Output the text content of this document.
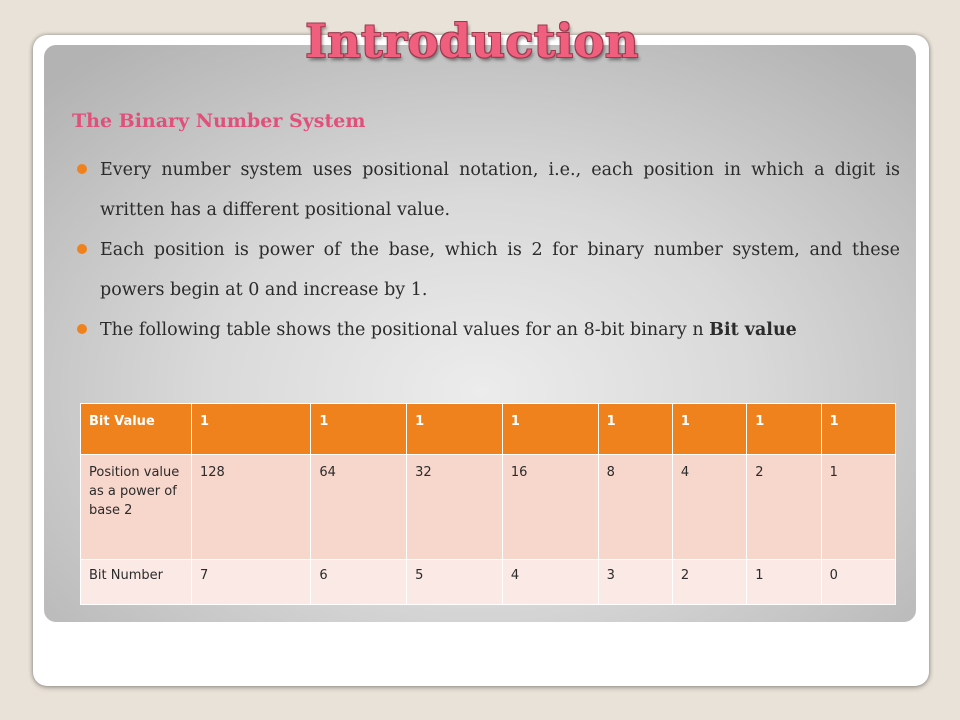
Introduction
The Binary Number System
Every number system uses positional notation, i.e., each position in which a digit is written has a different positional value.
Each position is power of the base, which is 2 for binary number system, and these powers begin at 0 and increase by 1.
The following table shows the positional values for an 8-bit binary n Bit value
Bit Value	1	1	1	1	1	1	1	1
Position value as a power of base 2	128	64	32	16	8	4	2	1
Bit Number	7	6	5	4	3	2	1	0
